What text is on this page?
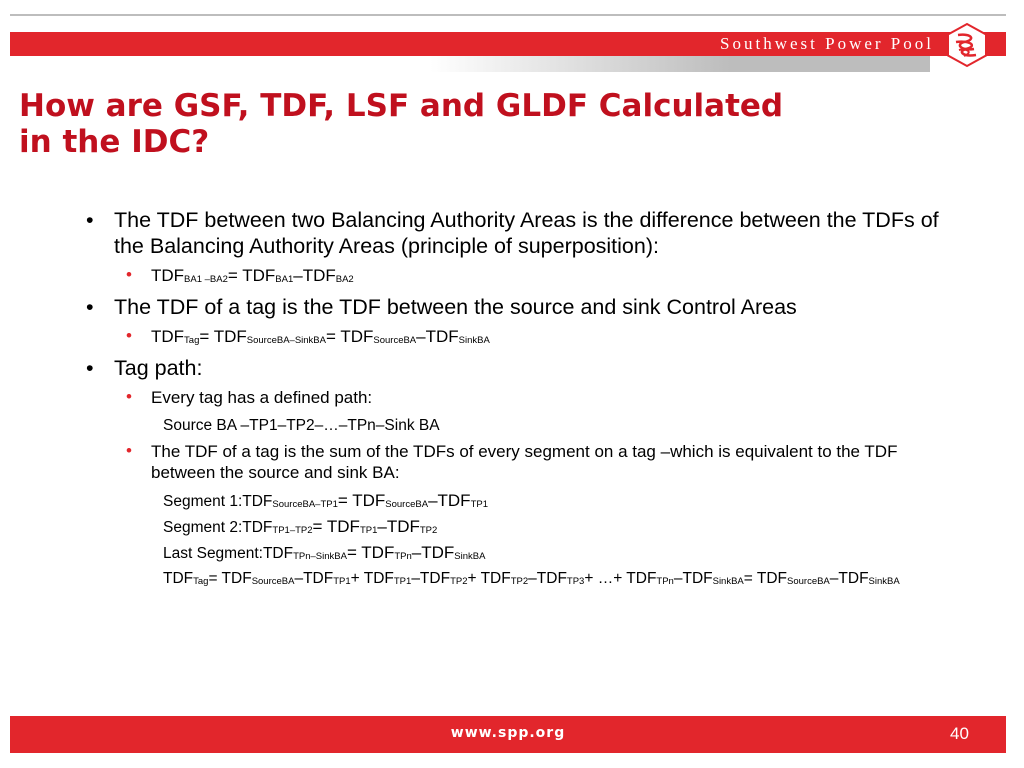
Southwest Power Pool
How are GSF, TDF, LSF and GLDF Calculated
in the IDC?
• The TDF between two Balancing Authority Areas is the difference between the TDFs of the Balancing Authority Areas (principle of superposition):
• TDFBA1 –BA2= TDFBA1–TDFBA2
• The TDF of a tag is the TDF between the source and sink Control Areas
• TDFTag= TDFSourceBA–SinkBA= TDFSourceBA–TDFSinkBA
• Tag path:
• Every tag has a defined path:
Source BA –TP1–TP2–…–TPn–Sink BA
• The TDF of a tag is the sum of the TDFs of every segment on a tag –which is equivalent to the TDF between the source and sink BA:
Segment 1:TDFSourceBA–TP1= TDFSourceBA–TDFTP1
Segment 2:TDFTP1–TP2= TDFTP1–TDFTP2
Last Segment:TDFTPn–SinkBA= TDFTPn–TDFSinkBA
TDFTag= TDFSourceBA–TDFTP1+ TDFTP1–TDFTP2+ TDFTP2–TDFTP3+ …+ TDFTPn–TDFSinkBA= TDFSourceBA–TDFSinkBA
www.spp.org	40
